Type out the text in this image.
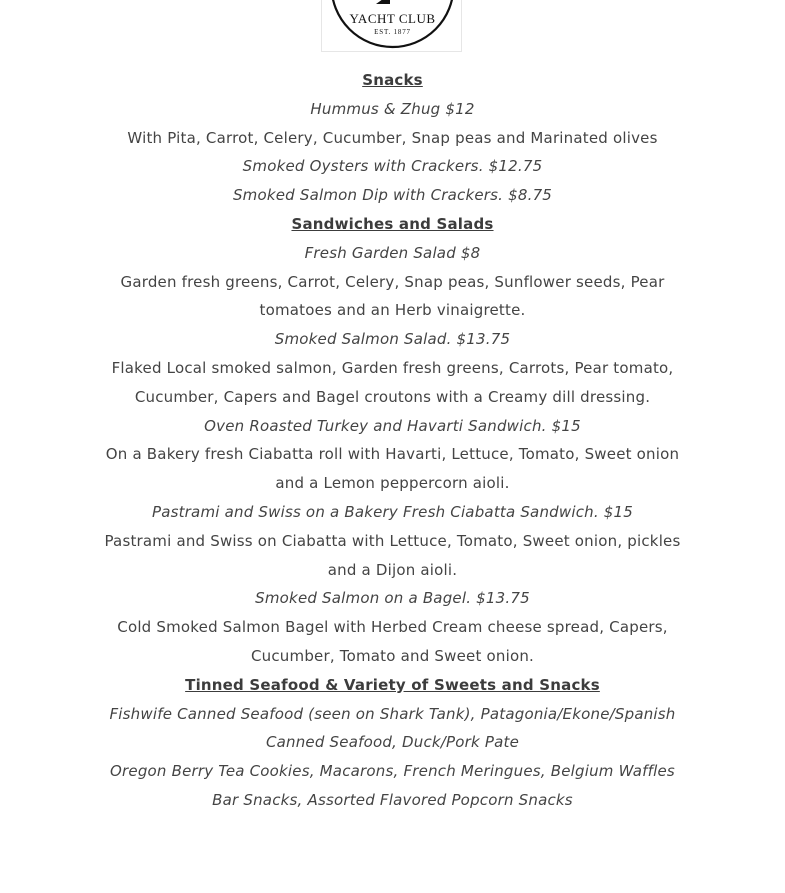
YACHT CLUB
EST. 1877
Snacks
Hummus & Zhug $12
With Pita, Carrot, Celery, Cucumber, Snap peas and Marinated olives
Smoked Oysters with Crackers. $12.75
Smoked Salmon Dip with Crackers. $8.75
Sandwiches and Salads
Fresh Garden Salad $8
Garden fresh greens, Carrot, Celery, Snap peas, Sunflower seeds, Pear tomatoes and an Herb vinaigrette.
Smoked Salmon Salad. $13.75
Flaked Local smoked salmon, Garden fresh greens, Carrots, Pear tomato, Cucumber, Capers and Bagel croutons with a Creamy dill dressing.
Oven Roasted Turkey and Havarti Sandwich. $15
On a Bakery fresh Ciabatta roll with Havarti, Lettuce, Tomato, Sweet onion and a Lemon peppercorn aioli.
Pastrami and Swiss on a Bakery Fresh Ciabatta Sandwich. $15
Pastrami and Swiss on Ciabatta with Lettuce, Tomato, Sweet onion, pickles and a Dijon aioli.
Smoked Salmon on a Bagel. $13.75
Cold Smoked Salmon Bagel with Herbed Cream cheese spread, Capers, Cucumber, Tomato and Sweet onion.
Tinned Seafood & Variety of Sweets and Snacks
Fishwife Canned Seafood (seen on Shark Tank), Patagonia/Ekone/Spanish Canned Seafood, Duck/Pork Pate
Oregon Berry Tea Cookies, Macarons, French Meringues, Belgium Waffles
Bar Snacks, Assorted Flavored Popcorn Snacks
